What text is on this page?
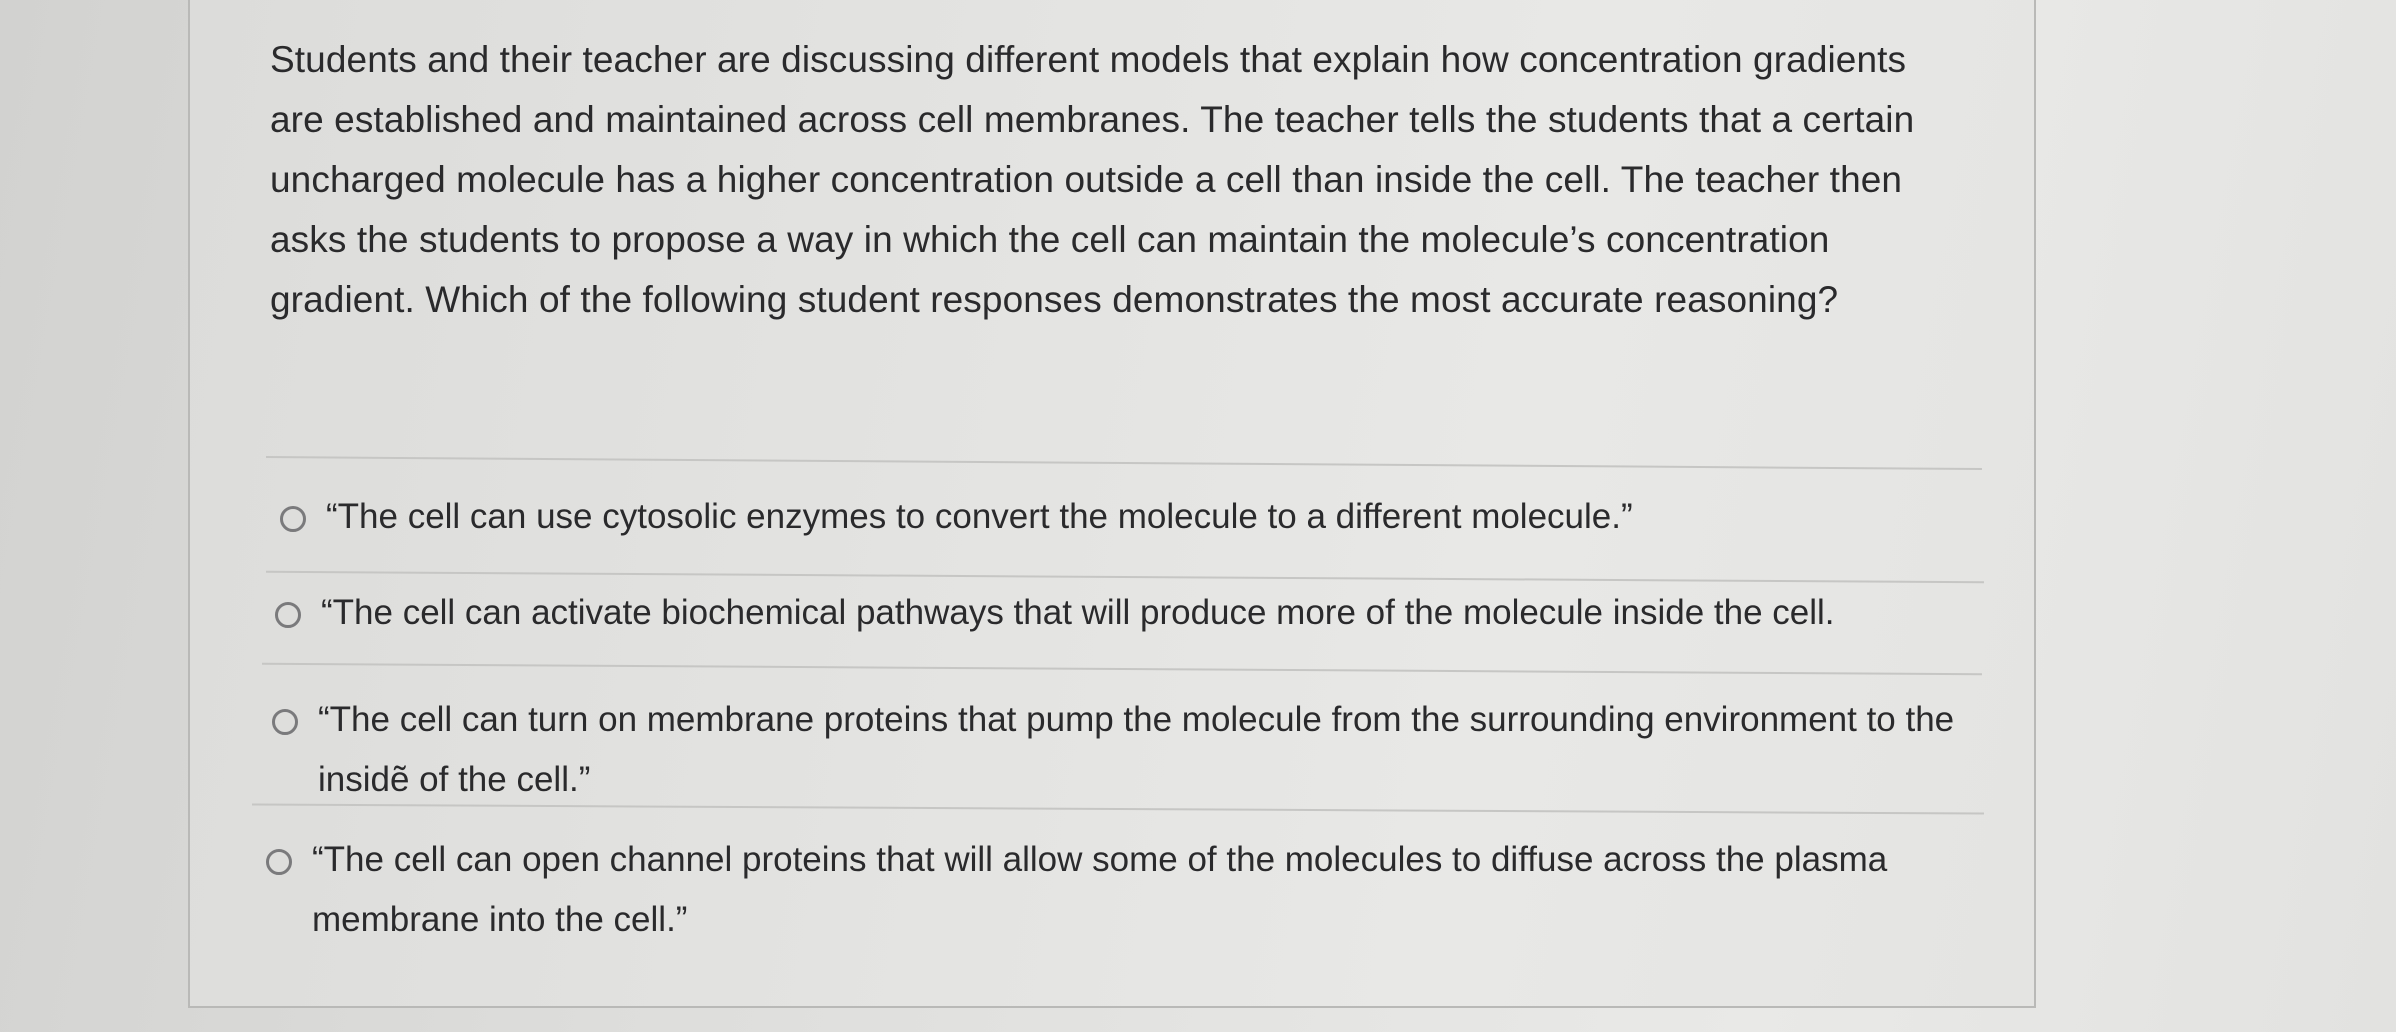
Students and their teacher are discussing different models that explain how concentration gradients are established and maintained across cell membranes. The teacher tells the students that a certain uncharged molecule has a higher concentration outside a cell than inside the cell. The teacher then asks the students to propose a way in which the cell can maintain the molecule’s concentration gradient. Which of the following student responses demonstrates the most accurate reasoning?

“The cell can use cytosolic enzymes to convert the molecule to a different molecule.”
“The cell can activate biochemical pathways that will produce more of the molecule inside the cell.
“The cell can turn on membrane proteins that pump the molecule from the surrounding environment to the insidẽ of the cell.”
“The cell can open channel proteins that will allow some of the molecules to diffuse across the plasma membrane into the cell.”
